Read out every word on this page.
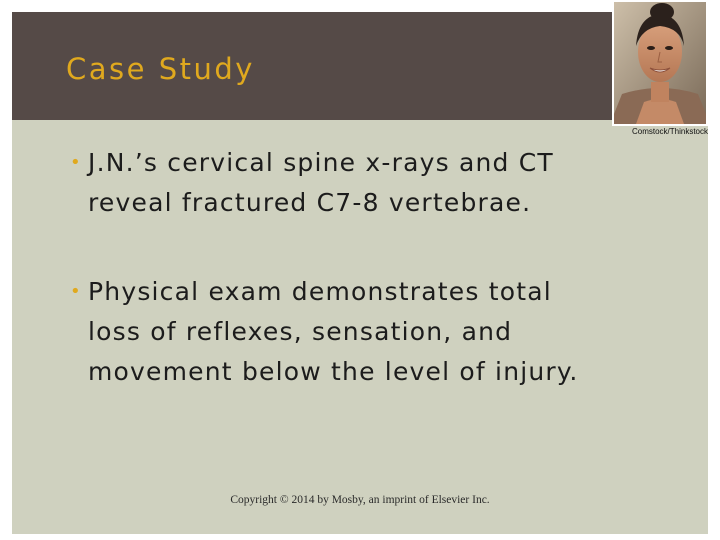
Case Study
Comstock/Thinkstock
• J.N.’s cervical spine x-rays and CT
reveal fractured C7-8 vertebrae.
• Physical exam demonstrates total
loss of reflexes, sensation, and
movement below the level of injury.
Copyright © 2014 by Mosby, an imprint of Elsevier Inc.
